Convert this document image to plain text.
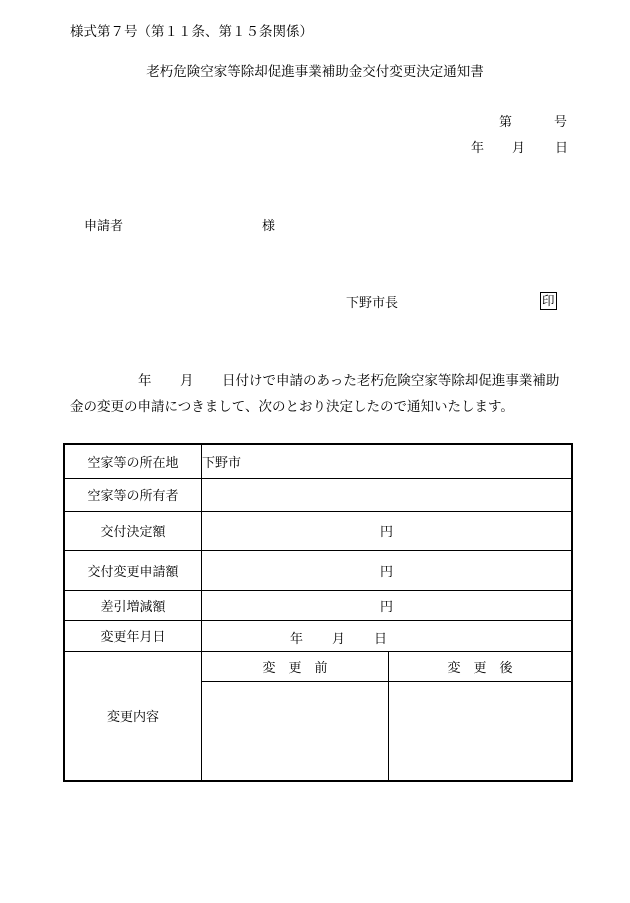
様式第７号（第１１条、第１５条関係）
老朽危険空家等除却促進事業補助金交付変更決定通知書
第	号
年 月 日
申請者	様
下野市長	印
年 月 日付けで申請のあった老朽危険空家等除却促進事業補助
金の変更の申請につきまして、次のとおり決定したので通知いたします。
空家等の所在地	下野市	
空家等の所有者		
交付決定額	円	
交付変更申請額	円	
差引増減額	円	
変更年月日	年 月 日	

変更内容	変　更　前	変　更　後
